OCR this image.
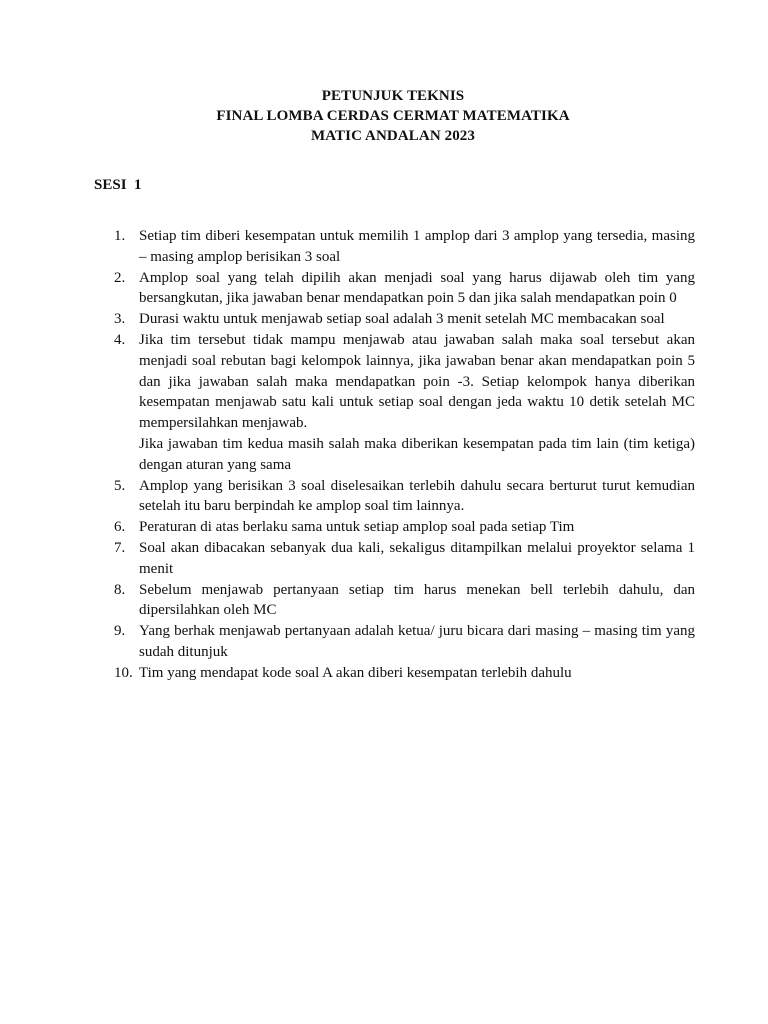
PETUNJUK TEKNIS
FINAL LOMBA CERDAS CERMAT MATEMATIKA
MATIC ANDALAN 2023
SESI  1
1. Setiap tim diberi kesempatan untuk memilih 1 amplop dari 3 amplop yang tersedia, masing – masing amplop berisikan 3 soal
2. Amplop soal yang telah dipilih akan menjadi soal yang harus dijawab oleh tim yang bersangkutan, jika jawaban benar mendapatkan poin 5 dan jika salah mendapatkan poin 0
3. Durasi waktu untuk menjawab setiap soal adalah 3 menit setelah MC membacakan soal
4. Jika tim tersebut tidak mampu menjawab atau jawaban salah maka soal tersebut akan menjadi soal rebutan bagi kelompok lainnya, jika jawaban benar akan mendapatkan poin 5 dan jika jawaban salah maka mendapatkan poin -3. Setiap kelompok hanya diberikan kesempatan menjawab satu kali untuk setiap soal dengan jeda waktu 10 detik setelah MC mempersilahkan menjawab.
Jika jawaban tim kedua masih salah maka diberikan kesempatan pada tim lain (tim ketiga) dengan aturan yang sama
5. Amplop yang berisikan 3 soal diselesaikan terlebih dahulu secara berturut turut kemudian setelah itu baru berpindah ke amplop soal tim lainnya.
6. Peraturan di atas berlaku sama untuk setiap amplop soal pada setiap Tim
7. Soal akan dibacakan sebanyak dua kali, sekaligus ditampilkan melalui proyektor selama 1 menit
8. Sebelum menjawab pertanyaan setiap tim harus menekan bell terlebih dahulu, dan dipersilahkan oleh MC
9. Yang berhak menjawab pertanyaan adalah ketua/ juru bicara dari masing – masing tim yang sudah ditunjuk
10. Tim yang mendapat kode soal A akan diberi kesempatan terlebih dahulu
